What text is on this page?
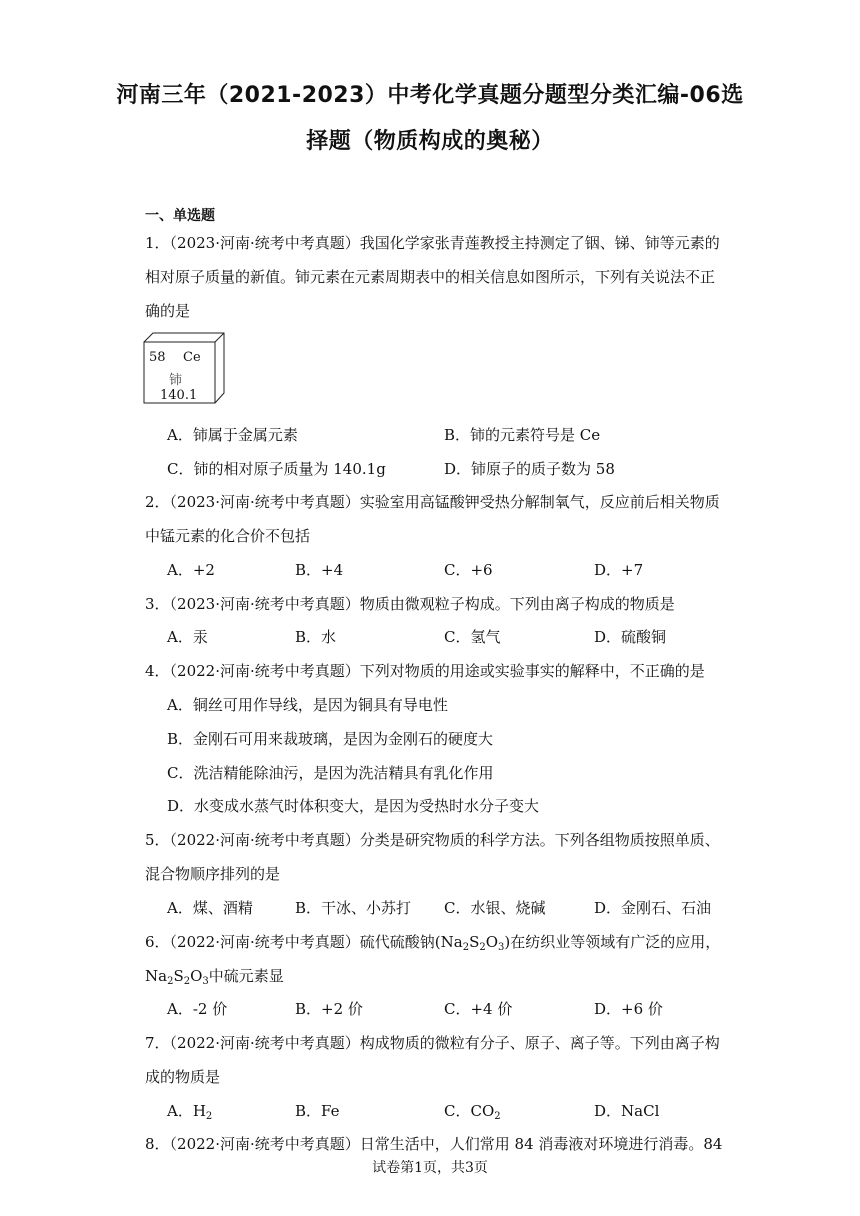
河南三年（2021-2023）中考化学真题分题型分类汇编-06选
择题（物质构成的奥秘）
一、单选题
1．（2023·河南·统考中考真题）我国化学家张青莲教授主持测定了铟、锑、铈等元素的
相对原子质量的新值。铈元素在元素周期表中的相关信息如图所示，下列有关说法不正
确的是
58 Ce
铈
140.1
A．铈属于金属元素	B．铈的元素符号是 Ce
C．铈的相对原子质量为 140.1g	D．铈原子的质子数为 58
2．（2023·河南·统考中考真题）实验室用高锰酸钾受热分解制氧气，反应前后相关物质
中锰元素的化合价不包括
A．+2	B．+4	C．+6	D．+7
3．（2023·河南·统考中考真题）物质由微观粒子构成。下列由离子构成的物质是
A．汞	B．水	C．氢气	D．硫酸铜
4．（2022·河南·统考中考真题）下列对物质的用途或实验事实的解释中，不正确的是
A．铜丝可用作导线，是因为铜具有导电性
B．金刚石可用来裁玻璃，是因为金刚石的硬度大
C．洗洁精能除油污，是因为洗洁精具有乳化作用
D．水变成水蒸气时体积变大，是因为受热时水分子变大
5．（2022·河南·统考中考真题）分类是研究物质的科学方法。下列各组物质按照单质、
混合物顺序排列的是
A．煤、酒精	B．干冰、小苏打 C．水银、烧碱	D．金刚石、石油
6．（2022·河南·统考中考真题）硫代硫酸钠$(Na_2S_2O_3)$在纺织业等领域有广泛的应用，
$Na_2S_2O_3$中硫元素显
A．-2 价	B．+2 价	C．+4 价	D．+6 价
7．（2022·河南·统考中考真题）构成物质的微粒有分子、原子、离子等。下列由离子构
成的物质是
A．$H_2$	B．Fe	C．$CO_2$	D．NaCl
8．（2022·河南·统考中考真题）日常生活中，人们常用 84 消毒液对环境进行消毒。84
试卷第1页，共3页
